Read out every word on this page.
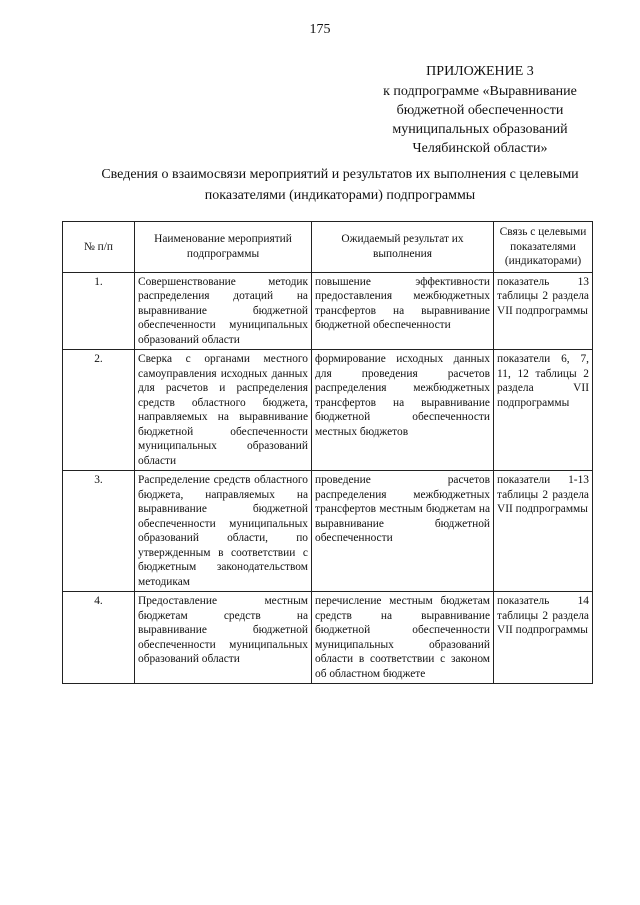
175
ПРИЛОЖЕНИЕ 3
к подпрограмме «Выравнивание
бюджетной обеспеченности
муниципальных образований
Челябинской области»
Сведения о взаимосвязи мероприятий и результатов их выполнения с целевыми показателями (индикаторами) подпрограммы
№ п/п	Наименование мероприятий подпрограммы	Ожидаемый результат их выполнения	Связь с целевыми показателями (индикаторами)
1.	Совершенствование методик распределения дотаций на выравнивание бюджетной обеспеченности муниципальных образований области	повышение эффективности предоставления межбюджетных трансфертов на выравнивание бюджетной обеспеченности	показатель 13 таблицы 2 раздела VII подпрограммы
2.	Сверка с органами местного самоуправления исходных данных для расчетов и распределения средств областного бюджета, направляемых на выравнивание бюджетной обеспеченности муниципальных образований области	формирование исходных данных для проведения расчетов распределения межбюджетных трансфертов на выравнивание бюджетной обеспеченности местных бюджетов	показатели 6, 7, 11, 12 таблицы 2 раздела VII подпрограммы
3.	Распределение средств областного бюджета, направляемых на выравнивание бюджетной обеспеченности муниципальных образований области, по утвержденным в соответствии с бюджетным законодательством методикам	проведение расчетов распределения межбюджетных трансфертов местным бюджетам на выравнивание бюджетной обеспеченности	показатели 1-13 таблицы 2 раздела VII подпрограммы
4.	Предоставление местным бюджетам средств на выравнивание бюджетной обеспеченности муниципальных образований области	перечисление местным бюджетам средств на выравнивание бюджетной обеспеченности муниципальных образований области в соответствии с законом об областном бюджете	показатель 14 таблицы 2 раздела VII подпрограммы
